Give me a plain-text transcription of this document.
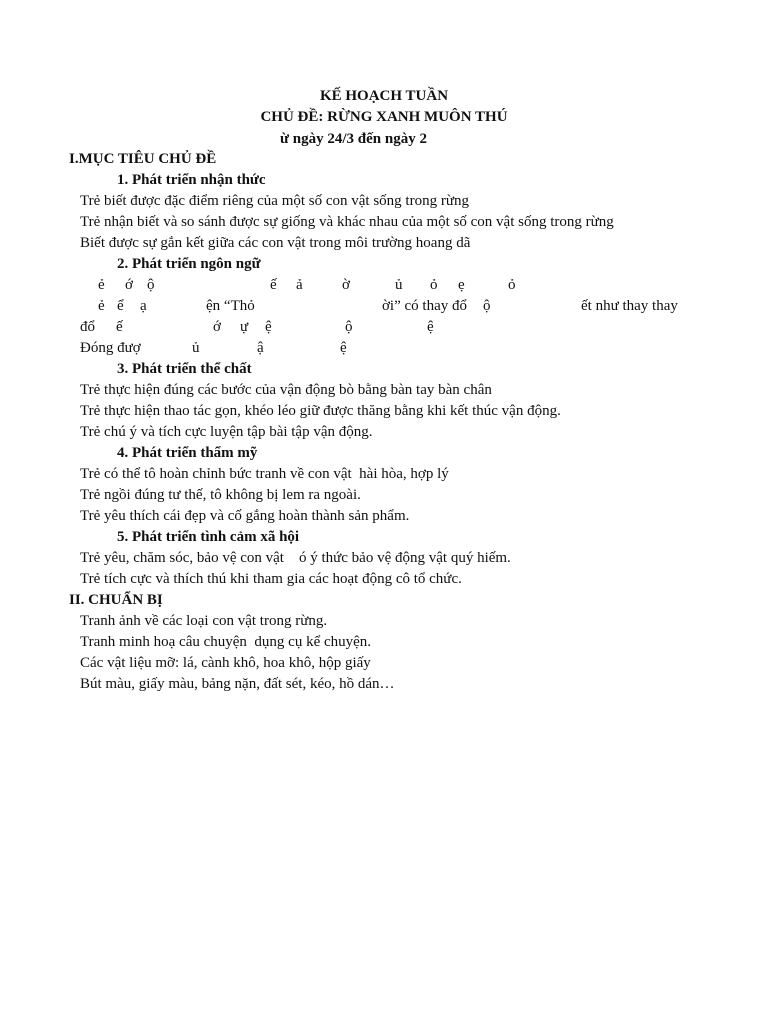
KẾ HOẠCH TUẦN
CHỦ ĐỀ: RỪNG XANH MUÔN THÚ
ừ ngày 24/3 đến ngày 2
I.MỤC TIÊU CHỦ ĐỀ
1. Phát triển nhận thức
Trẻ biết được đặc điểm riêng của một số con vật sống trong rừng
Trẻ nhận biết và so sánh được sự giống và khác nhau của một số con vật sống trong rừng
Biết được sự gắn kết giữa các con vật trong môi trường hoang dã
2. Phát triển ngôn ngữ
ẻ ớ ộ	ế ả	ờ	ủ ỏ ẹ	ỏ
ẻ ể ạ	ện “Thỏ	ời” có thay đổ ộ	ết như thay thay
đổ ế	ớ ự ệ	ộ	ệ
Đóng đượ	ủ	ậ	ệ
3. Phát triển thể chất
Trẻ thực hiện đúng các bước của vận động bò bằng bàn tay bàn chân
Trẻ thực hiện thao tác gọn, khéo léo giữ được thăng bằng khi kết thúc vận động.
Trẻ chú ý và tích cực luyện tập bài tập vận động.
4. Phát triển thẩm mỹ
Trẻ có thể tô hoàn chỉnh bức tranh về con vật  hài hòa, hợp lý
Trẻ ngồi đúng tư thế, tô không bị lem ra ngoài.
Trẻ yêu thích cái đẹp và cố gắng hoàn thành sản phẩm.
5. Phát triển tình cảm xã hội
Trẻ yêu, chăm sóc, bảo vệ con vật    ó ý thức bảo vệ động vật quý hiếm.
Trẻ tích cực và thích thú khi tham gia các hoạt động cô tổ chức.
II. CHUẨN BỊ
Tranh ảnh về các loại con vật trong rừng.
Tranh minh hoạ câu chuyện  dụng cụ kể chuyện.
Các vật liệu mỡ: lá, cành khô, hoa khô, hộp giấy
Bút màu, giấy màu, bảng nặn, đất sét, kéo, hồ dán…
